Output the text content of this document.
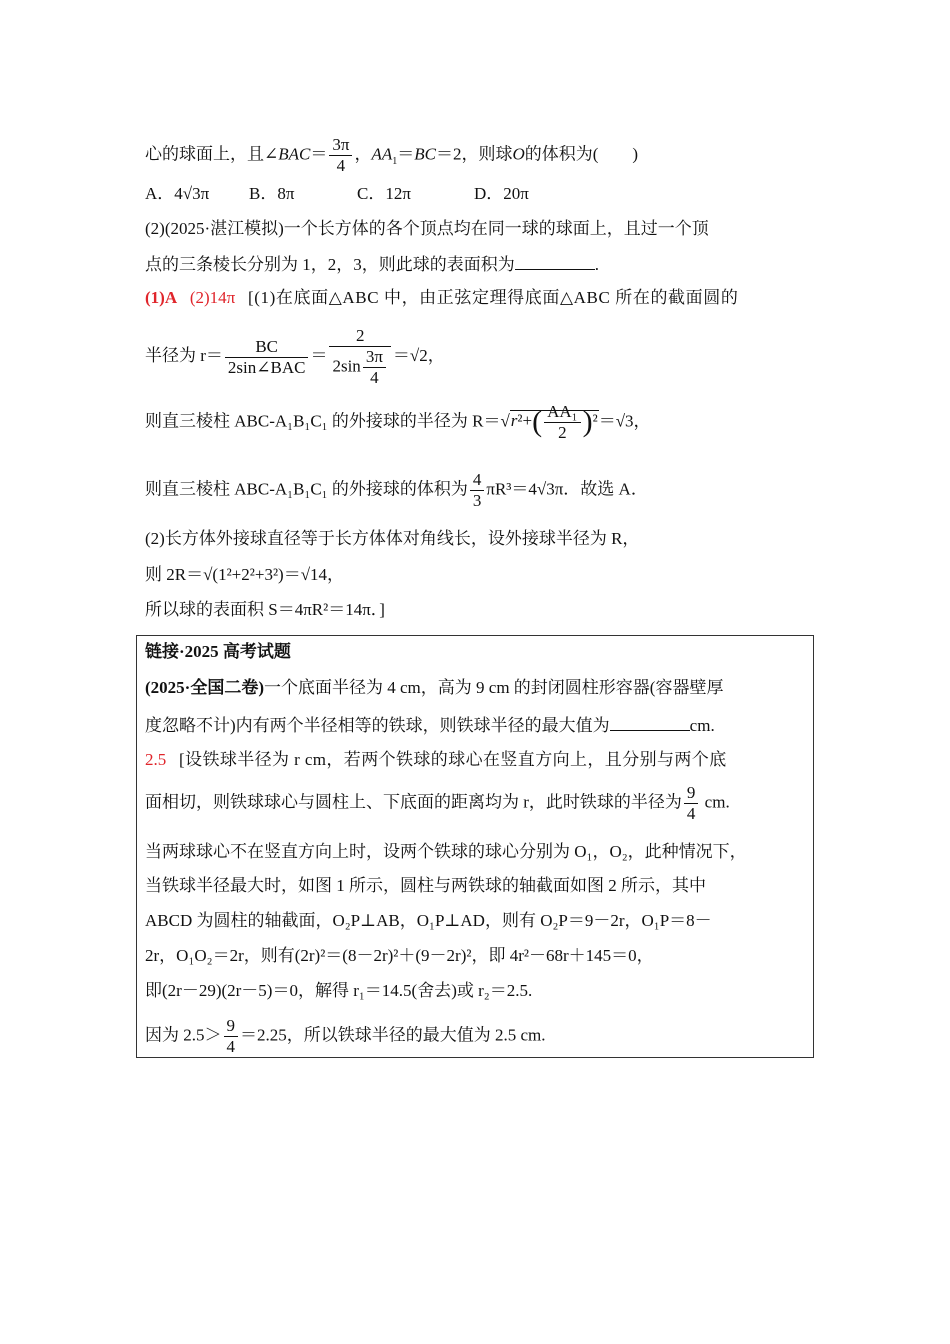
心的球面上，且∠BAC＝ $\frac{3\pi}{4}$ ，$AA_1=BC=2$，则球O的体积为(　　)
A．4√3π B．8π	C．12π	D．20π
(2)(2025·湛江模拟)一个长方体的各个顶点均在同一球的球面上，且过一个顶
点的三条棱长分别为 1，2，3，则此球的表面积为	.
(1)A (2)14π [(1)在底面△ABC 中，由正弦定理得底面△ABC 所在的截面圆的
半径为 $r= \frac{BC}{\text{2sin∠BAC}} = \frac{2}{2\sin \frac{3\pi}{4}} =√2$，
则直三棱柱 ABC-A₁B₁C₁ 的外接球的半径为 $R=√r^2+( \frac{\text{AA₁}}{2} )^2=√3$，
则直三棱柱 ABC-A₁B₁C₁ 的外接球的体积为 $\frac{4}{3} \pi R^3=4√3\pi$．故选 A．
(2)长方体外接球直径等于长方体体对角线长，设外接球半径为 R，
则 2R＝√(1²+2²+3²)＝√14，
所以球的表面积 S＝4πR²＝14π．]
链接·2025 高考试题
(2025·全国二卷)一个底面半径为 4 cm，高为 9 cm 的封闭圆柱形容器(容器壁厚
度忽略不计)内有两个半径相等的铁球，则铁球半径的最大值为	cm.
2.5 [设铁球半径为 r cm，若两个铁球的球心在竖直方向上，且分别与两个底
面相切，则铁球球心与圆柱上、下底面的距离均为 r，此时铁球的半径为 $\frac{9}{4}$ cm.
当两球球心不在竖直方向上时，设两个铁球的球心分别为 O₁，O₂，此种情况下，
当铁球半径最大时，如图 1 所示，圆柱与两铁球的轴截面如图 2 所示，其中
ABCD 为圆柱的轴截面，O₂P⊥AB，O₁P⊥AD，则有 O₂P＝9－2r，O₁P＝8－
2r，O₁O₂＝2r，则有(2r)²＝(8－2r)²＋(9－2r)²，即 4r²－68r＋145＝0，
即(2r－29)(2r－5)＝0，解得 r₁＝14.5(舍去)或 r₂＝2.5.
因为 $2.5> \frac{9}{4} =2.25$，所以铁球半径的最大值为 2.5 cm.
